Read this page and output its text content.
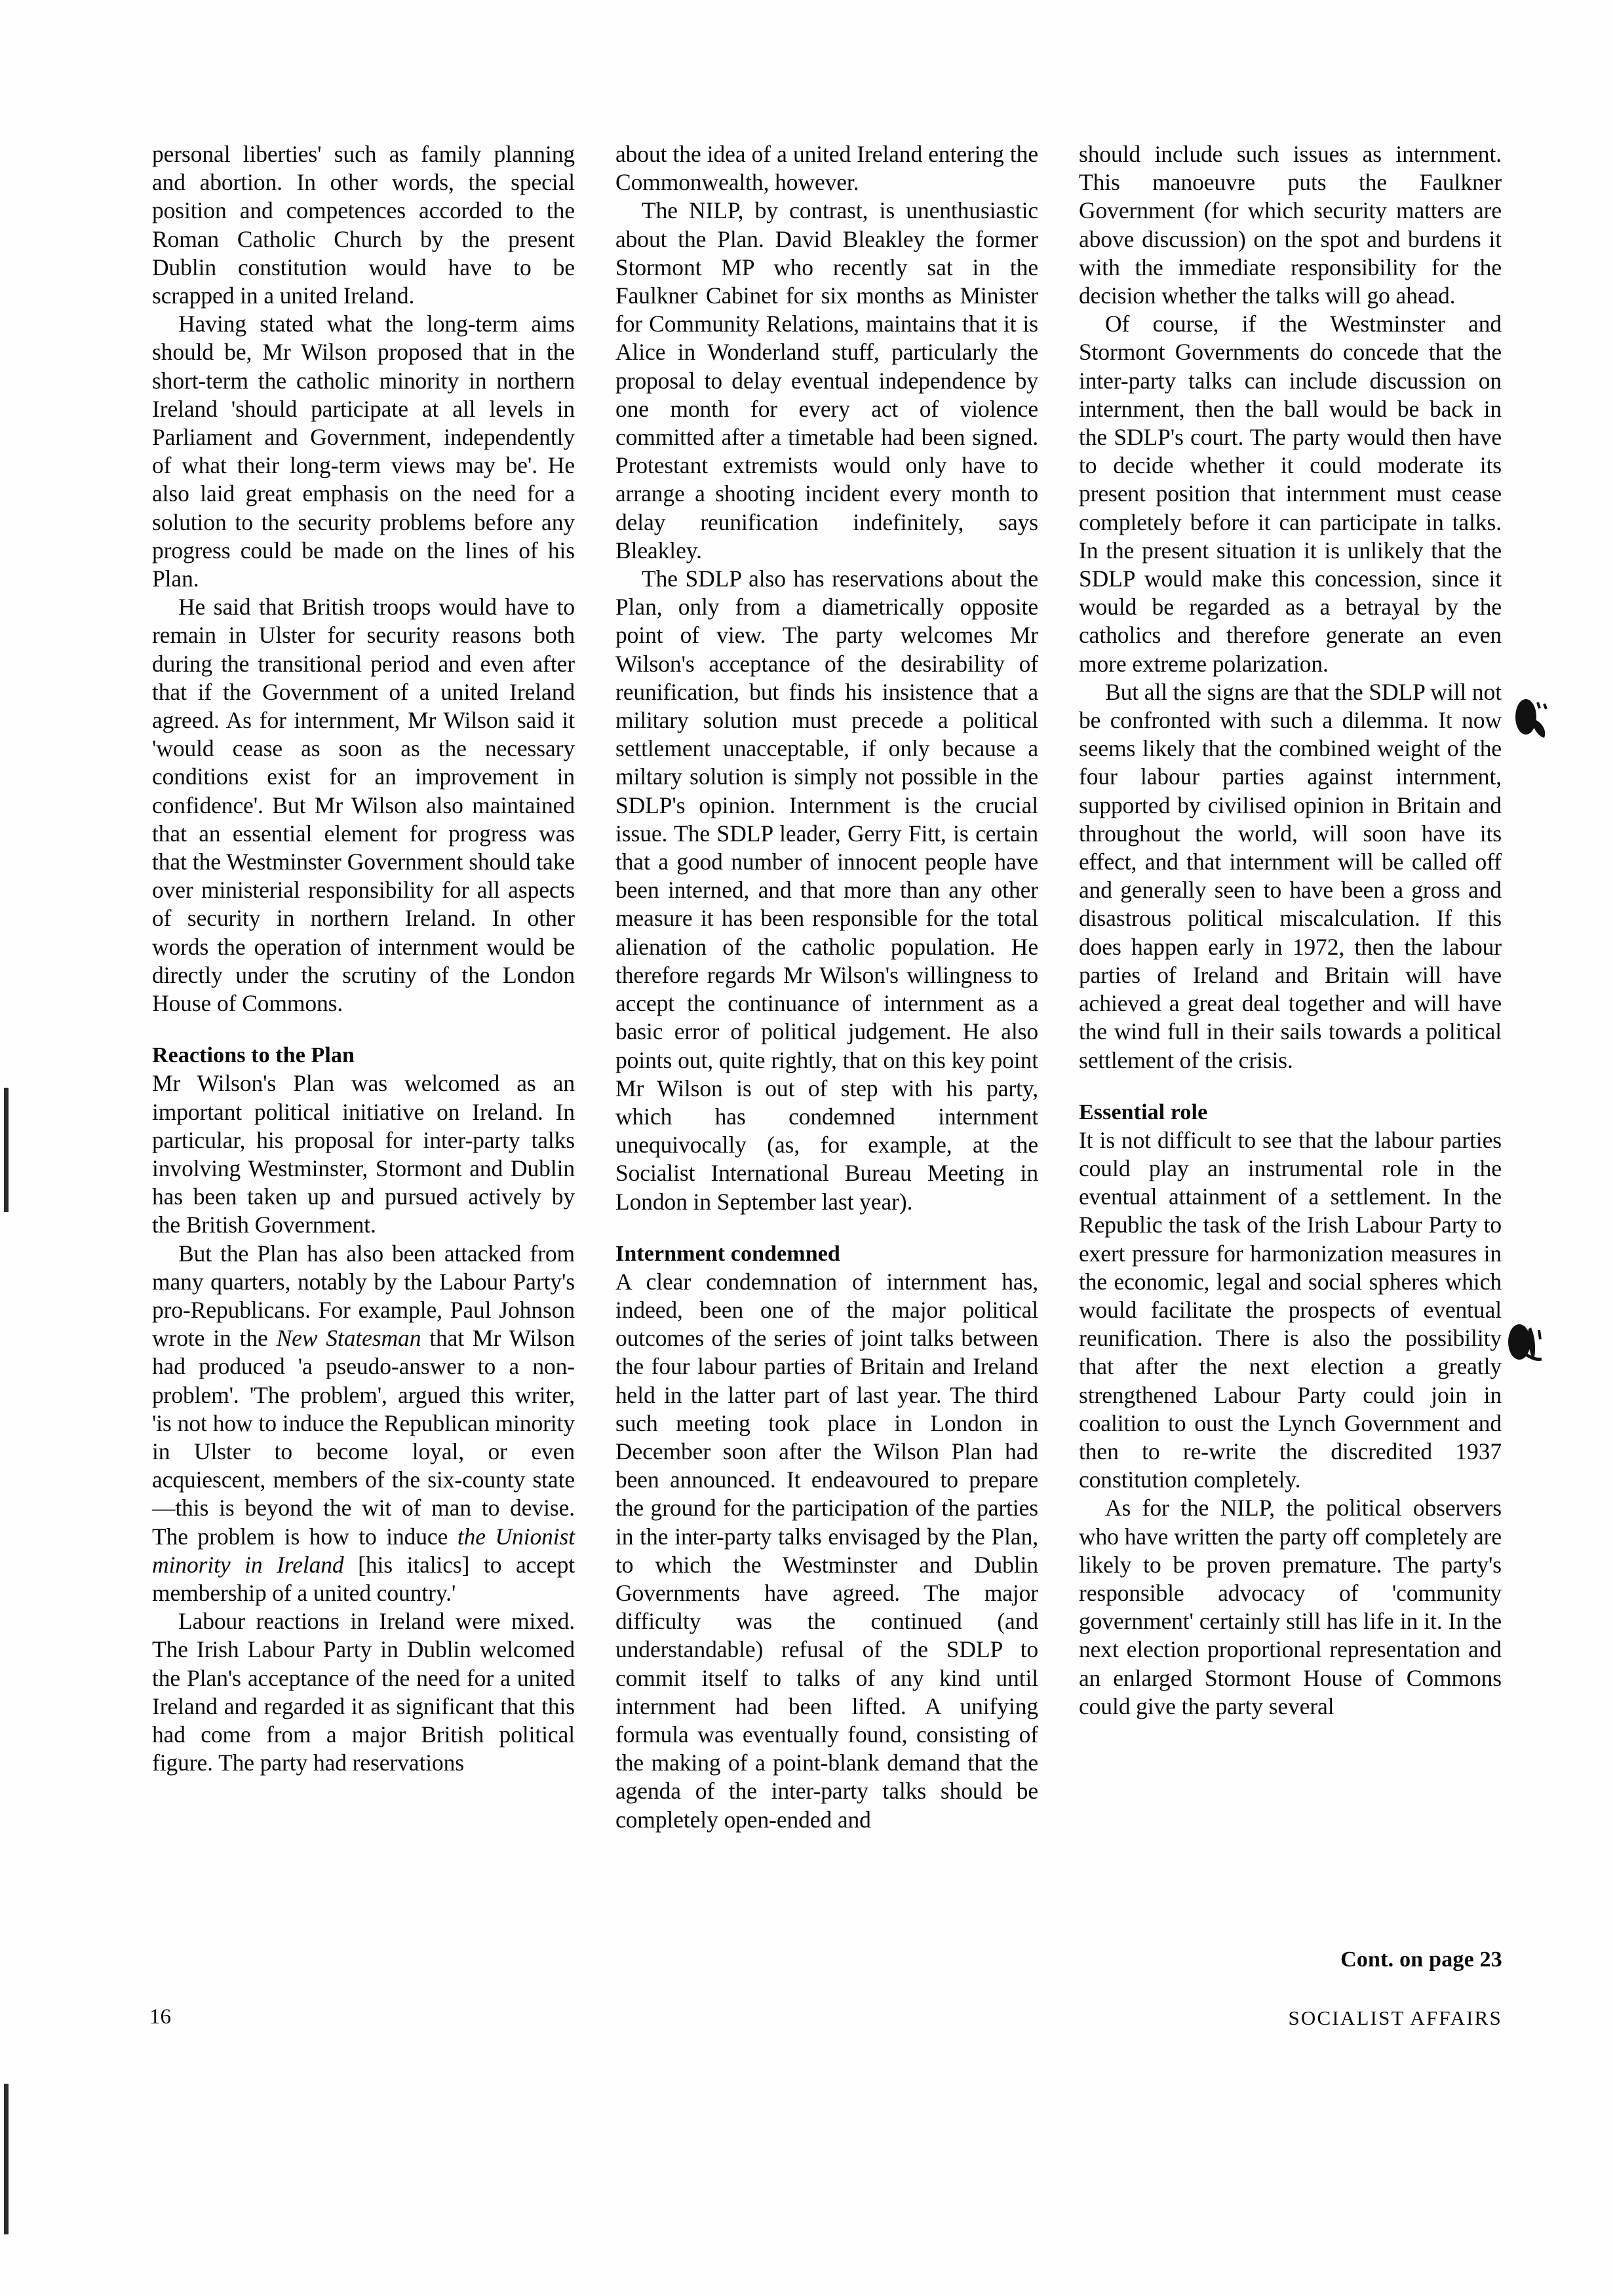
personal liberties' such as family planning and abortion. In other words, the special position and competences accorded to the Roman Catholic Church by the present Dublin constitution would have to be scrapped in a united Ireland.

Having stated what the long-term aims should be, Mr Wilson proposed that in the short-term the catholic minority in northern Ireland 'should participate at all levels in Parliament and Government, independently of what their long-term views may be'. He also laid great emphasis on the need for a solution to the security problems before any progress could be made on the lines of his Plan.

He said that British troops would have to remain in Ulster for security reasons both during the transitional period and even after that if the Government of a united Ireland agreed. As for internment, Mr Wilson said it 'would cease as soon as the necessary conditions exist for an improvement in confidence'. But Mr Wilson also maintained that an essential element for progress was that the Westminster Government should take over ministerial responsibility for all aspects of security in northern Ireland. In other words the operation of internment would be directly under the scrutiny of the London House of Commons.

Reactions to the Plan

Mr Wilson's Plan was welcomed as an important political initiative on Ireland. In particular, his proposal for inter-party talks involving Westminster, Stormont and Dublin has been taken up and pursued actively by the British Government.

But the Plan has also been attacked from many quarters, notably by the Labour Party's pro-Republicans. For example, Paul Johnson wrote in the New Statesman that Mr Wilson had produced 'a pseudo-answer to a non-problem'. 'The problem', argued this writer, 'is not how to induce the Republican minority in Ulster to become loyal, or even acquiescent, members of the six-county state—this is beyond the wit of man to devise. The problem is how to induce the Unionist minority in Ireland [his italics] to accept membership of a united country.'

Labour reactions in Ireland were mixed. The Irish Labour Party in Dublin welcomed the Plan's acceptance of the need for a united Ireland and regarded it as significant that this had come from a major British political figure. The party had reservations

about the idea of a united Ireland entering the Commonwealth, however.

The NILP, by contrast, is unenthusiastic about the Plan. David Bleakley the former Stormont MP who recently sat in the Faulkner Cabinet for six months as Minister for Community Relations, maintains that it is Alice in Wonderland stuff, particularly the proposal to delay eventual independence by one month for every act of violence committed after a timetable had been signed. Protestant extremists would only have to arrange a shooting incident every month to delay reunification indefinitely, says Bleakley.

The SDLP also has reservations about the Plan, only from a diametrically opposite point of view. The party welcomes Mr Wilson's acceptance of the desirability of reunification, but finds his insistence that a military solution must precede a political settlement unacceptable, if only because a miltary solution is simply not possible in the SDLP's opinion. Internment is the crucial issue. The SDLP leader, Gerry Fitt, is certain that a good number of innocent people have been interned, and that more than any other measure it has been responsible for the total alienation of the catholic population. He therefore regards Mr Wilson's willingness to accept the continuance of internment as a basic error of political judgement. He also points out, quite rightly, that on this key point Mr Wilson is out of step with his party, which has condemned internment unequivocally (as, for example, at the Socialist International Bureau Meeting in London in September last year).

Internment condemned

A clear condemnation of internment has, indeed, been one of the major political outcomes of the series of joint talks between the four labour parties of Britain and Ireland held in the latter part of last year. The third such meeting took place in London in December soon after the Wilson Plan had been announced. It endeavoured to prepare the ground for the participation of the parties in the inter-party talks envisaged by the Plan, to which the Westminster and Dublin Governments have agreed. The major difficulty was the continued (and understandable) refusal of the SDLP to commit itself to talks of any kind until internment had been lifted. A unifying formula was eventually found, consisting of the making of a point-blank demand that the agenda of the inter-party talks should be completely open-ended and

should include such issues as internment. This manoeuvre puts the Faulkner Government (for which security matters are above discussion) on the spot and burdens it with the immediate responsibility for the decision whether the talks will go ahead.

Of course, if the Westminster and Stormont Governments do concede that the inter-party talks can include discussion on internment, then the ball would be back in the SDLP's court. The party would then have to decide whether it could moderate its present position that internment must cease completely before it can participate in talks. In the present situation it is unlikely that the SDLP would make this concession, since it would be regarded as a betrayal by the catholics and therefore generate an even more extreme polarization.

But all the signs are that the SDLP will not be confronted with such a dilemma. It now seems likely that the combined weight of the four labour parties against internment, supported by civilised opinion in Britain and throughout the world, will soon have its effect, and that internment will be called off and generally seen to have been a gross and disastrous political miscalculation. If this does happen early in 1972, then the labour parties of Ireland and Britain will have achieved a great deal together and will have the wind full in their sails towards a political settlement of the crisis.

Essential role

It is not difficult to see that the labour parties could play an instrumental role in the eventual attainment of a settlement. In the Republic the task of the Irish Labour Party to exert pressure for harmonization measures in the economic, legal and social spheres which would facilitate the prospects of eventual reunification. There is also the possibility that after the next election a greatly strengthened Labour Party could join in coalition to oust the Lynch Government and then to re-write the discredited 1937 constitution completely.

As for the NILP, the political observers who have written the party off completely are likely to be proven premature. The party's responsible advocacy of 'community government' certainly still has life in it. In the next election proportional representation and an enlarged Stormont House of Commons could give the party several

16
Cont. on page 23
SOCIALIST AFFAIRS
